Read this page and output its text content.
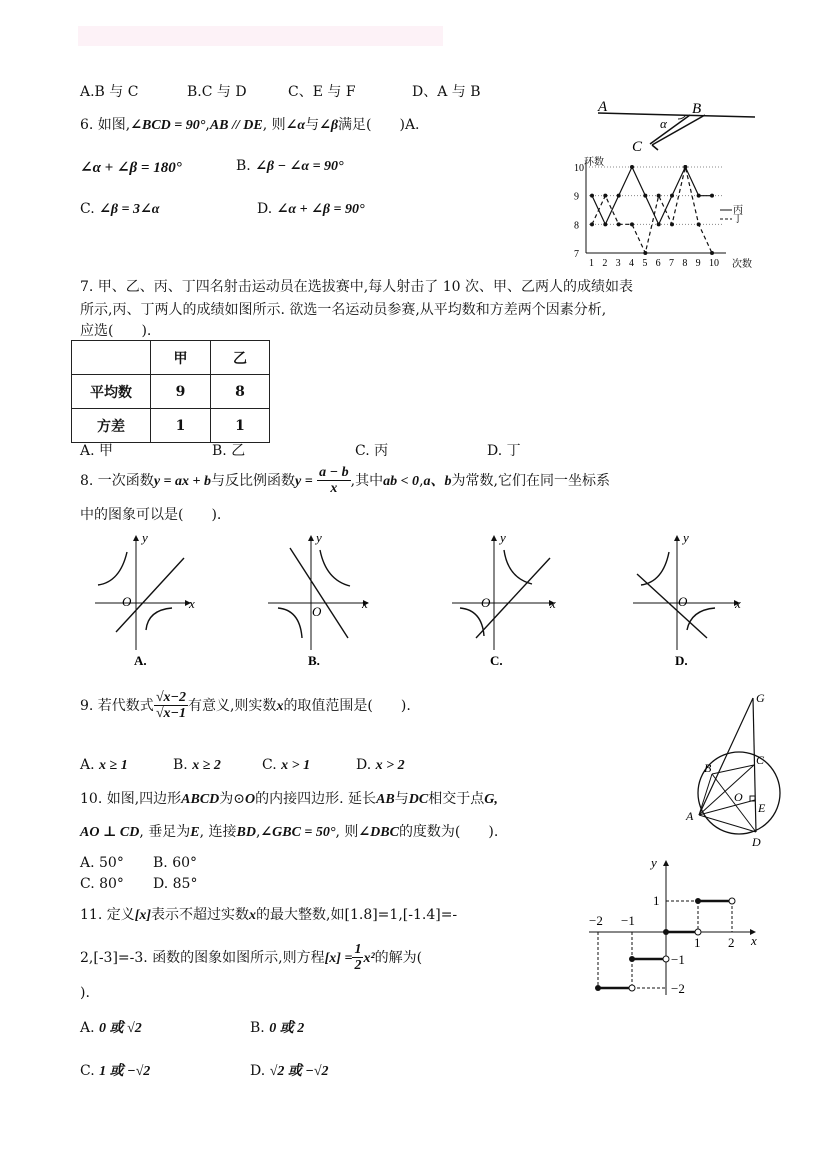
A.B 与 C	B.C 与 D	C、E 与 F	D、A 与 B
6. 如图,∠BCD = 90°,AB // DE, 则∠α与∠β满足(　　)A.
∠α + ∠β = 180°	B. ∠β − ∠α = 90°
C. ∠β = 3∠α	D. ∠α + ∠β = 90°
A	B
C
α
7
8
9
10
1 2 3 4 5 6 7 8 9 10
环数
次数
丙
丁
7. 甲、乙、丙、丁四名射击运动员在选拔赛中,每人射击了 10 次、甲、乙两人的成绩如表
所示,丙、丁两人的成绩如图所示. 欲选一名运动员参赛,从平均数和方差两个因素分析,
应选(　　).
	甲	乙
平均数	9	8
方差	1	1
A. 甲	B. 乙	C. 丙	D. 丁
8. 一次函数y = ax + b与反比例函数$y = \frac{a - b}{x}$ ,其中ab < 0,a、b为常数,它们在同一坐标系
中的图象可以是(　　).
y
x
O
A.
y
x
O
B.
y
x
O
C.
y
x
O
D.
9. 若代数式 $\frac{√x-2}{√x-1}$ 有意义,则实数x的取值范围是(　　).
A. x ≥ 1	B. x ≥ 2	C. x > 1	D. x > 2
G
B
C
A
O
E
D
10. 如图,四边形ABCD为⊙O的内接四边形. 延长AB与DC相交于点G,
AO ⊥ CD, 垂足为E, 连接BD,∠GBC = 50°, 则∠DBC的度数为(　　).
A. 50° B. 60°
C. 80° D. 85°
11. 定义[x]表示不超过实数x的最大整数,如[1.8]=1,[-1.4]=-
2,[-3]=-3. 函数的图象如图所示,则方程$[x] = \frac{1}{2} x^2$的解为(
).
A. 0 或 √2	B. 0 或 2
C. 1 或 −√2	D. √2 或 −√2
y
x
1
−1
−2
−2 −1
1 2
